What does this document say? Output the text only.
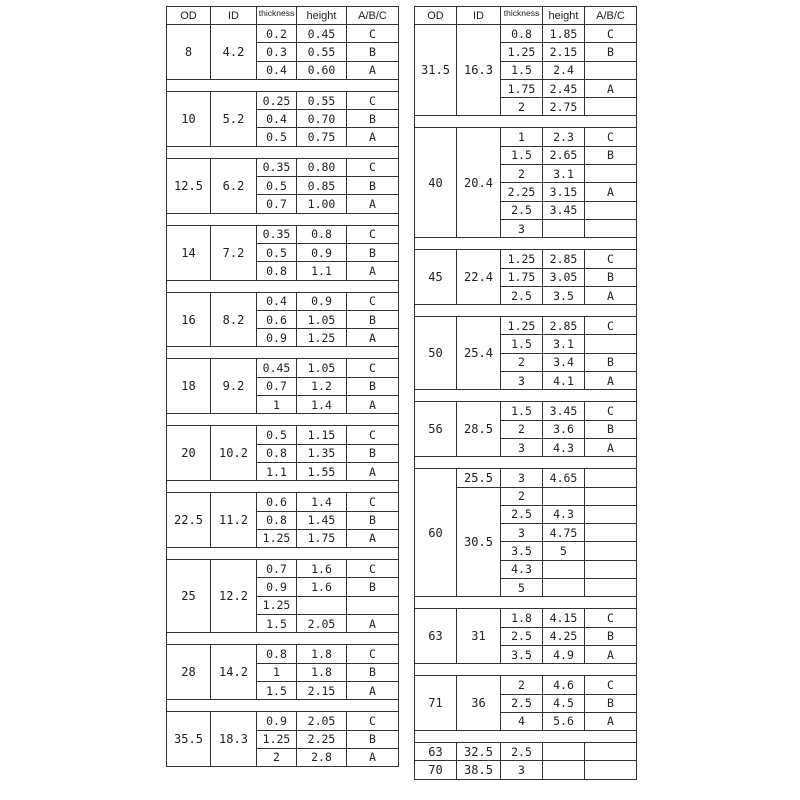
OD	ID	thickness	height	A/B/C
8	4.2	0.2	0.45	C
		0.3	0.55	B
		0.4	0.60	A

10	5.2	0.25	0.55	C
		0.4	0.70	B
		0.5	0.75	A

12.5	6.2	0.35	0.80	C
		0.5	0.85	B
		0.7	1.00	A

14	7.2	0.35	0.8	C
		0.5	0.9	B
		0.8	1.1	A

16	8.2	0.4	0.9	C
		0.6	1.05	B
		0.9	1.25	A

18	9.2	0.45	1.05	C
		0.7	1.2	B
		1	1.4	A

20	10.2	0.5	1.15	C
		0.8	1.35	B
		1.1	1.55	A

22.5	11.2	0.6	1.4	C
		0.8	1.45	B
		1.25	1.75	A

25	12.2	0.7	1.6	C
		0.9	1.6	B
		1.25		
		1.5	2.05	A

28	14.2	0.8	1.8	C
		1	1.8	B
		1.5	2.15	A

35.5	18.3	0.9	2.05	C
		1.25	2.25	B
		2	2.8	A
OD	ID	thickness	height	A/B/C
31.5	16.3	0.8	1.85	C
		1.25	2.15	B
		1.5	2.4	
		1.75	2.45	A
		2	2.75	

40	20.4	1	2.3	C
		1.5	2.65	B
		2	3.1	
		2.25	3.15	A
		2.5	3.45	
		3		

45	22.4	1.25	2.85	C
		1.75	3.05	B
		2.5	3.5	A

50	25.4	1.25	2.85	C
		1.5	3.1	
		2	3.4	B
		3	4.1	A

56	28.5	1.5	3.45	C
		2	3.6	B
		3	4.3	A

60	25.5	3	4.65	
	30.5	2		
		2.5	4.3	
		3	4.75	
		3.5	5	
		4.3		
		5		

63	31	1.8	4.15	C
		2.5	4.25	B
		3.5	4.9	A

71	36	2	4.6	C
		2.5	4.5	B
		4	5.6	A

63	32.5	2.5		
70	38.5	3		
